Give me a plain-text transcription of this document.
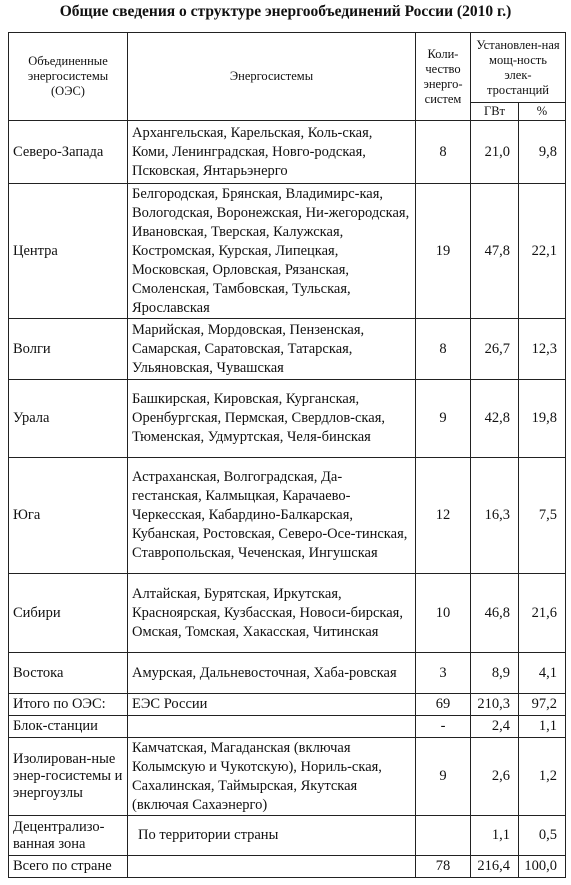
Общие сведения о структуре энергообъединений России (2010 г.)
Объединенные энергосистемы (ОЭС)	Энергосистемы	Коли-чество энерго-систем	Установлен-ная мощ-ность элек-тростанций	
			ГВт	%
Северо-Запада	Архангельская, Карельская, Коль-ская, Коми, Ленинградская, Новго-родская, Псковская, Янтарьэнерго	8	21,0	9,8
Центра	Белгородская, Брянская, Владимирс-кая, Вологодская, Воронежская, Ни-жегородская, Ивановская, Тверская, Калужская, Костромская, Курская, Липецкая, Московская, Орловская, Рязанская, Смоленская, Тамбовская, Тульская, Ярославская	19	47,8	22,1
Волги	Марийская, Мордовская, Пензенская, Самарская, Саратовская, Татарская, Ульяновская, Чувашская	8	26,7	12,3
Урала	Башкирская, Кировская, Курганская, Оренбургская, Пермская, Свердлов-ская, Тюменская, Удмуртская, Челя-бинская	9	42,8	19,8
Юга	Астраханская, Волгоградская, Да-гестанская, Калмыцкая, Карачаево-Черкесская, Кабардино-Балкарская, Кубанская, Ростовская, Северо-Осе-тинская, Ставропольская, Чеченская, Ингушская	12	16,3	7,5
Сибири	Алтайская, Бурятская, Иркутская, Красноярская, Кузбасская, Новоси-бирская, Омская, Томская, Хакасская, Читинская	10	46,8	21,6
Востока	Амурская, Дальневосточная, Хаба-ровская	3	8,9	4,1
Итого по ОЭС:	ЕЭС России	69	210,3	97,2
Блок-станции		-	2,4	1,1
Изолирован-ные энер-госистемы и энергоузлы	Камчатская, Магаданская (включая Колымскую и Чукотскую), Нориль-ская, Сахалинская, Таймырская, Якутская (включая Сахаэнерго)	9	2,6	1,2
Децентрализо-ванная зона	По территории страны		1,1	0,5
Всего по стране		78	216,4	100,0
